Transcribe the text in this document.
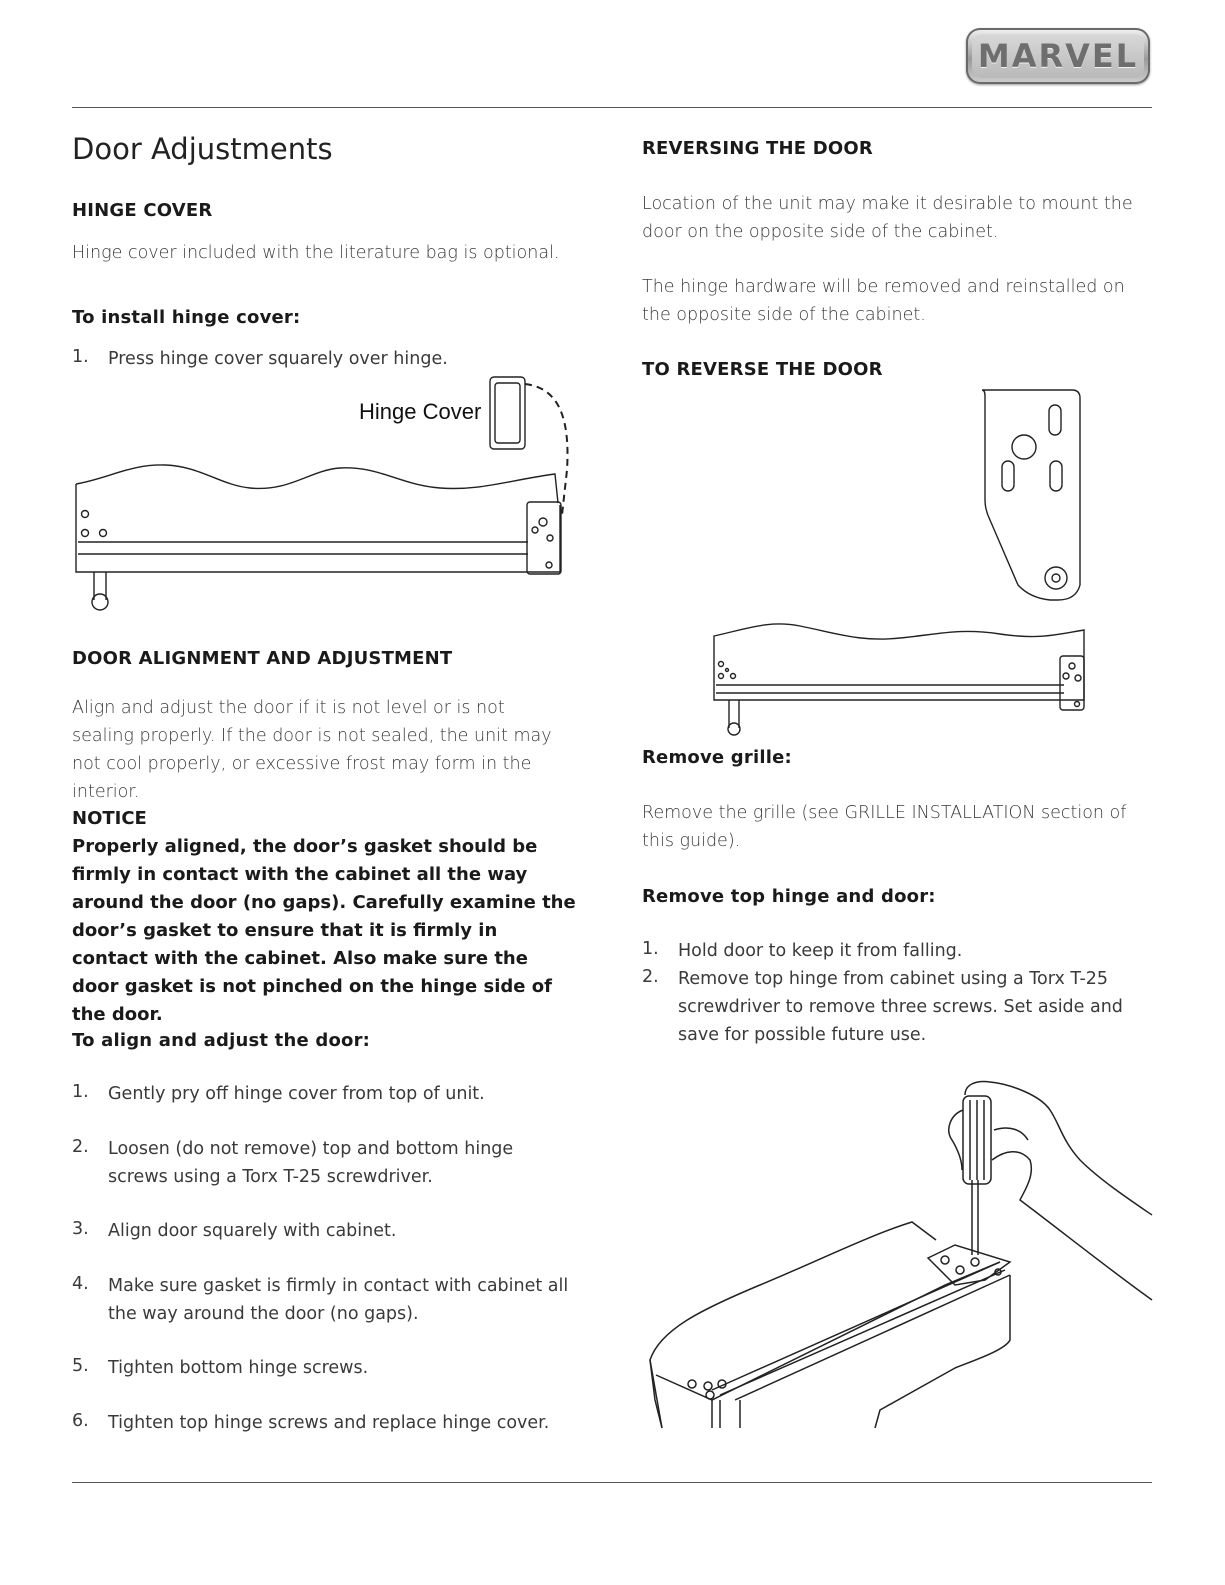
MARVEL
Door Adjustments
HINGE COVER
Hinge cover included with the literature bag is optional.
To install hinge cover:
1.	Press hinge cover squarely over hinge.
Hinge Cover
DOOR ALIGNMENT AND ADJUSTMENT
Align and adjust the door if it is not level or is not sealing properly. If the door is not sealed, the unit may not cool properly, or excessive frost may form in the interior.
NOTICE
Properly aligned, the door’s gasket should be firmly in contact with the cabinet all the way around the door (no gaps). Carefully examine the door’s gasket to ensure that it is firmly in contact with the cabinet. Also make sure the door gasket is not pinched on the hinge side of the door.
To align and adjust the door:
1.	Gently pry off hinge cover from top of unit.
2.	Loosen (do not remove) top and bottom hinge screws using a Torx T-25 screwdriver.
3.	Align door squarely with cabinet.
4.	Make sure gasket is firmly in contact with cabinet all the way around the door (no gaps).
5.	Tighten bottom hinge screws.
6.	Tighten top hinge screws and replace hinge cover.
REVERSING THE DOOR
Location of the unit may make it desirable to mount the door on the opposite side of the cabinet.
The hinge hardware will be removed and reinstalled on the opposite side of the cabinet.
TO REVERSE THE DOOR
Remove grille:
Remove the grille (see GRILLE INSTALLATION section of this guide).
Remove top hinge and door:
1.	Hold door to keep it from falling.
2.	Remove top hinge from cabinet using a Torx T-25 screwdriver to remove three screws. Set aside and save for possible future use.
